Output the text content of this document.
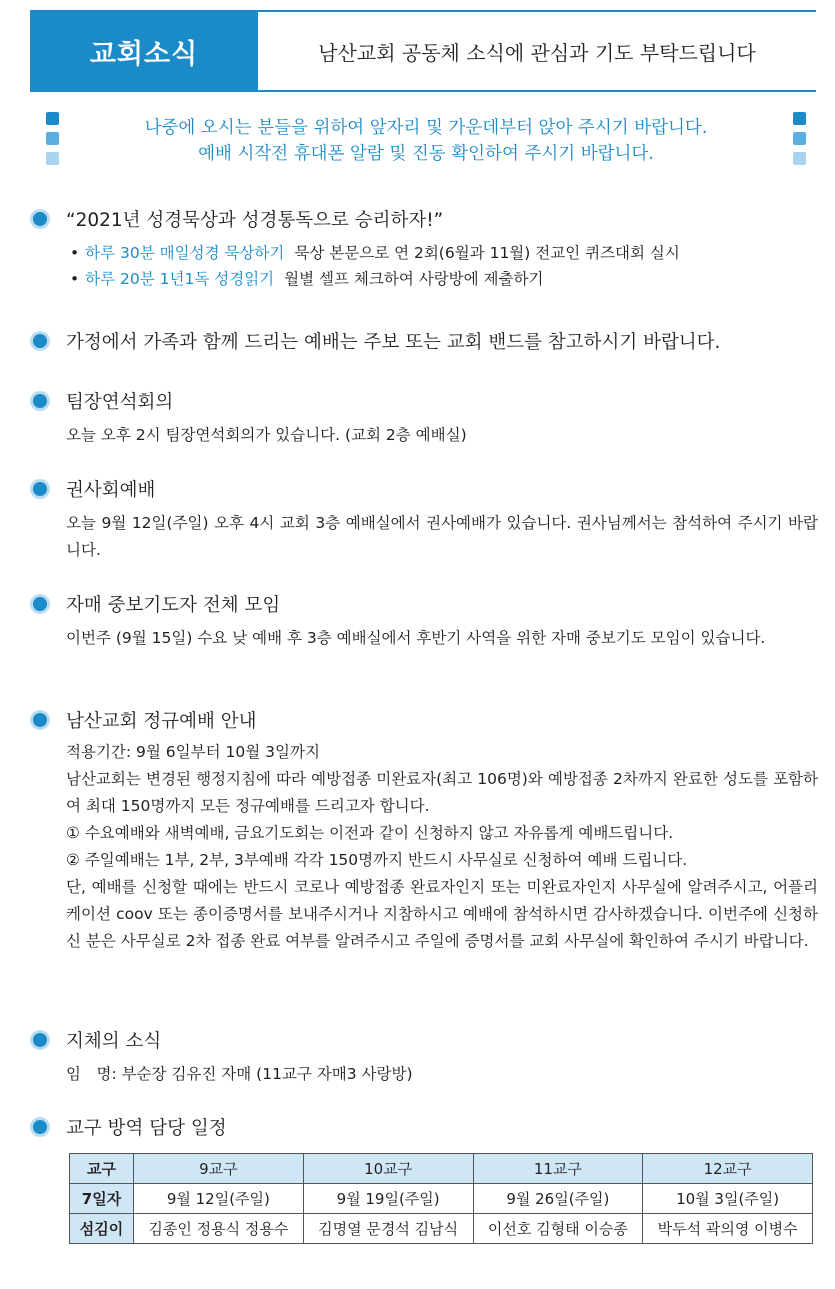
교회소식	남산교회 공동체 소식에 관심과 기도 부탁드립니다
나중에 오시는 분들을 위하여 앞자리 및 가운데부터 앉아 주시기 바랍니다.
예배 시작전 휴대폰 알람 및 진동 확인하여 주시기 바랍니다.
“2021년 성경묵상과 성경통독으로 승리하자!”
• 하루 30분 매일성경 묵상하기 묵상 본문으로 연 2회(6월과 11월) 전교인 퀴즈대회 실시
• 하루 20분 1년1독 성경읽기 월별 셀프 체크하여 사랑방에 제출하기
가정에서 가족과 함께 드리는 예배는 주보 또는 교회 밴드를 참고하시기 바랍니다.
팀장연석회의
오늘 오후 2시 팀장연석회의가 있습니다. (교회 2층 예배실)
권사회예배
오늘 9월 12일(주일) 오후 4시 교회 3층 예배실에서 권사예배가 있습니다. 권사님께서는 참석하여 주시기 바랍니다.
자매 중보기도자 전체 모임
이번주 (9월 15일) 수요 낮 예배 후 3층 예배실에서 후반기 사역을 위한 자매 중보기도 모임이 있습니다.
남산교회 정규예배 안내
적용기간: 9월 6일부터 10월 3일까지
남산교회는 변경된 행정지침에 따라 예방접종 미완료자(최고 106명)와 예방접종 2차까지 완료한 성도를 포함하여 최대 150명까지 모든 정규예배를 드리고자 합니다.
① 수요예배와 새벽예배, 금요기도회는 이전과 같이 신청하지 않고 자유롭게 예배드립니다.
② 주일예배는 1부, 2부, 3부예배 각각 150명까지 반드시 사무실로 신청하여 예배 드립니다.
단, 예배를 신청할 때에는 반드시 코로나 예방접종 완료자인지 또는 미완료자인지 사무실에 알려주시고, 어플리케이션 coov 또는 종이증명서를 보내주시거나 지참하시고 예배에 참석하시면 감사하겠습니다. 이번주에 신청하신 분은 사무실로 2차 접종 완료 여부를 알려주시고 주일에 증명서를 교회 사무실에 확인하여 주시기 바랍니다.
지체의 소식
임　명: 부순장 김유진 자매 (11교구 자매3 사랑방)
교구 방역 담당 일정
교구	9교구	10교구	11교구	12교구
7일자	9월 12일(주일)	9월 19일(주일)	9월 26일(주일)	10월 3일(주일)
섬김이	김종인 정용식 정용수	김명열 문경석 김남식	이선호 김형태 이승종	박두석 곽의영 이병수
